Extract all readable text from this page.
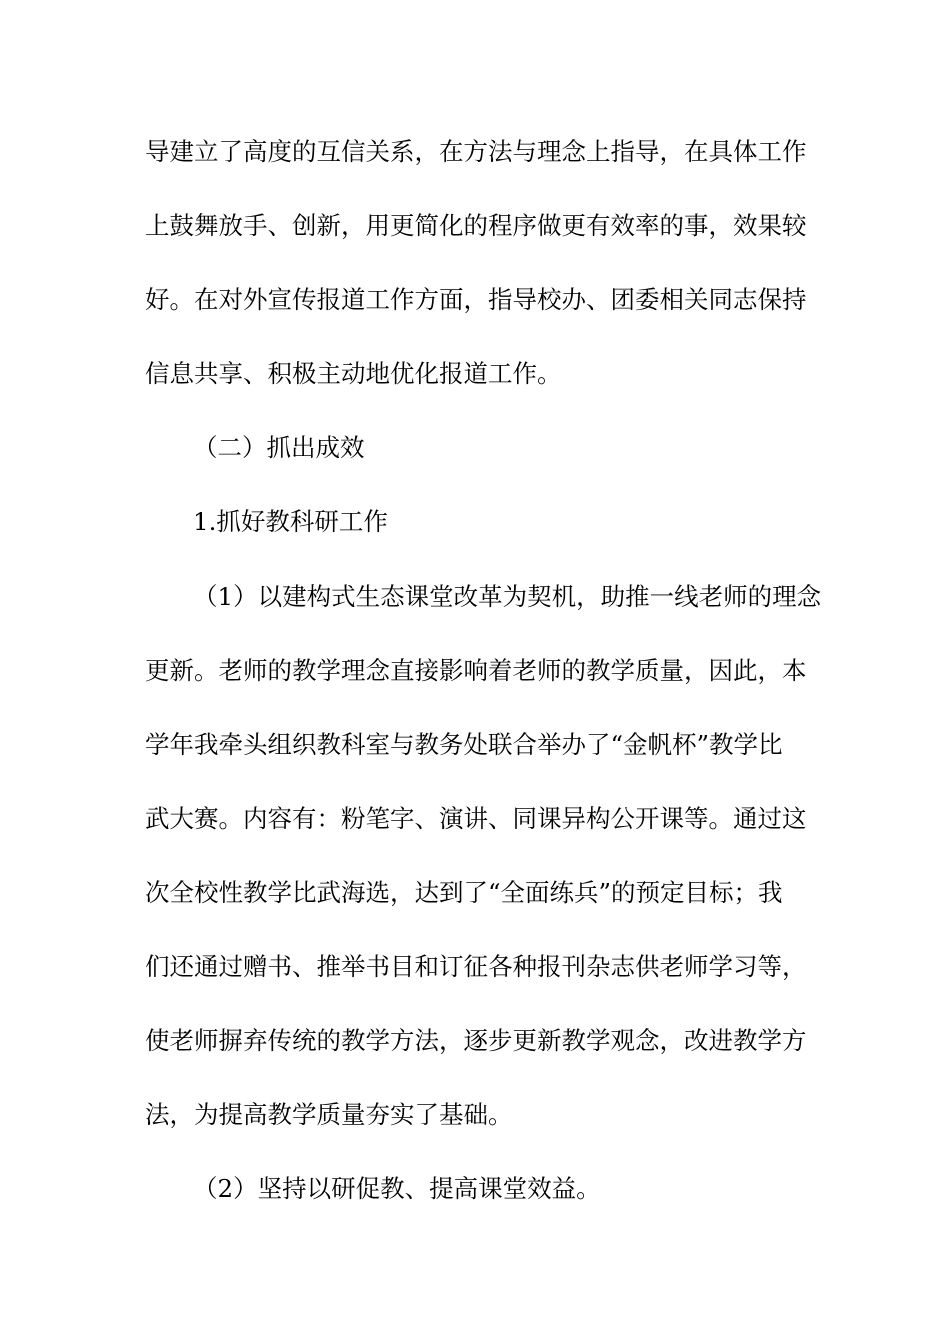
导建立了高度的互信关系，在方法与理念上指导，在具体工作
上鼓舞放手、创新，用更简化的程序做更有效率的事，效果较
好。在对外宣传报道工作方面，指导校办、团委相关同志保持
信息共享、积极主动地优化报道工作。
（二）抓出成效
1.抓好教科研工作
（1）以建构式生态课堂改革为契机，助推一线老师的理念
更新。老师的教学理念直接影响着老师的教学质量，因此，本
学年我牵头组织教科室与教务处联合举办了“金帆杯”教学比
武大赛。内容有：粉笔字、演讲、同课异构公开课等。通过这
次全校性教学比武海选，达到了“全面练兵”的预定目标；我
们还通过赠书、推举书目和订征各种报刊杂志供老师学习等，
使老师摒弃传统的教学方法，逐步更新教学观念，改进教学方
法，为提高教学质量夯实了基础。
（2）坚持以研促教、提高课堂效益。
